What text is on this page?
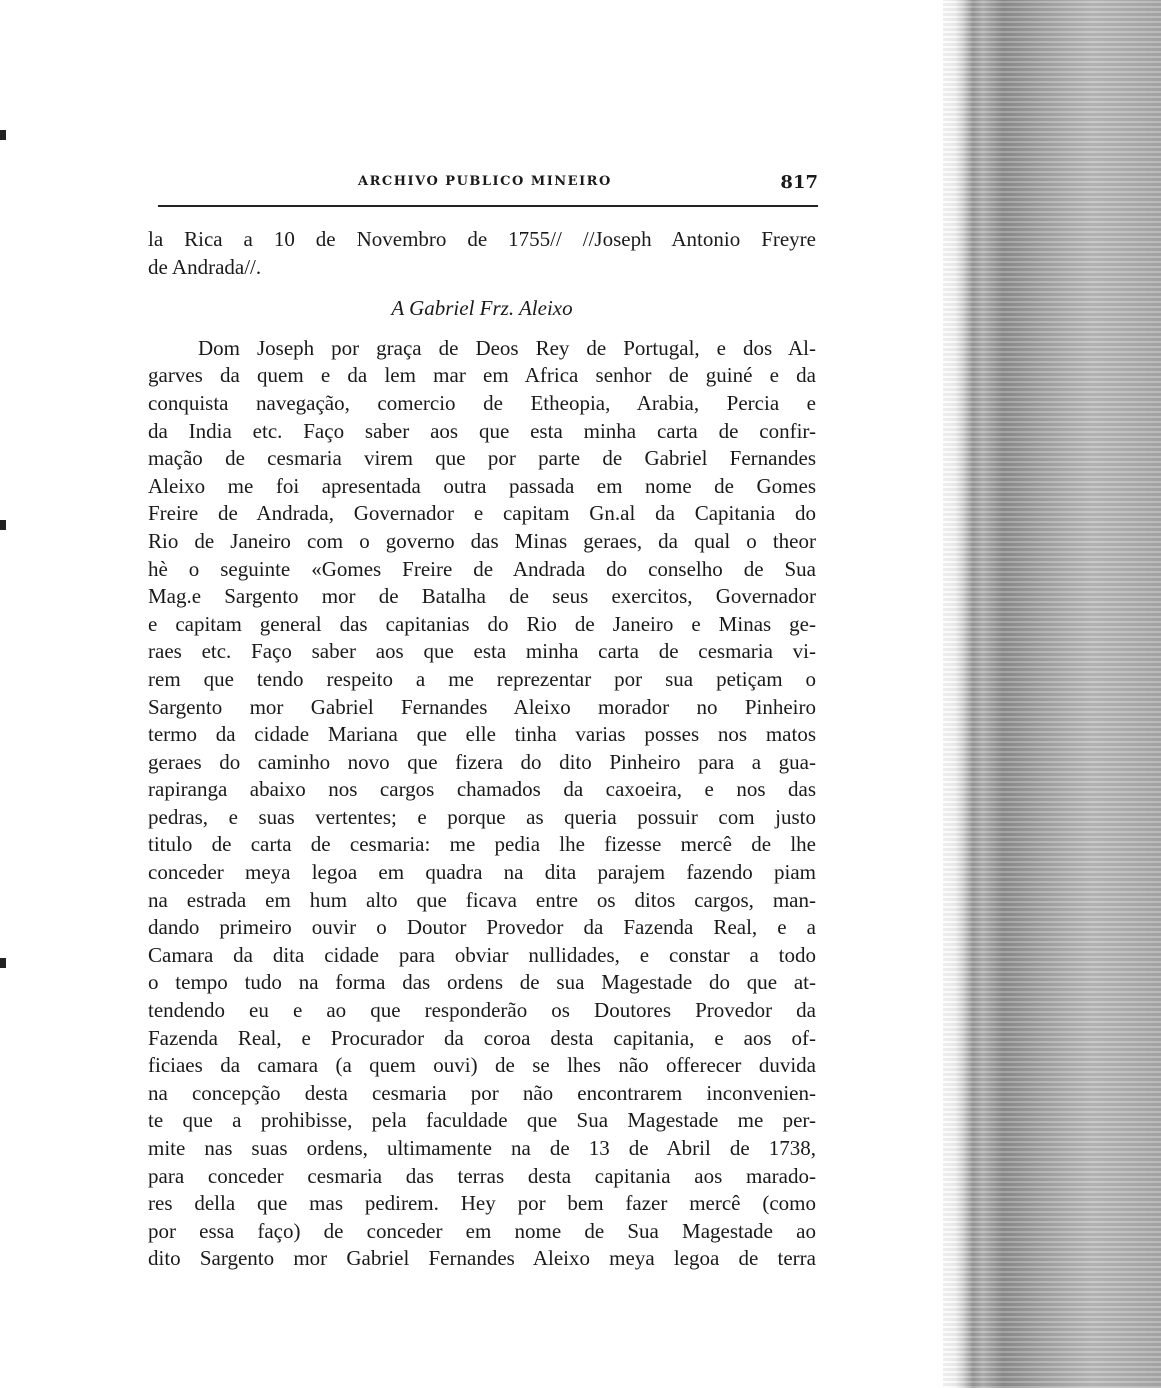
ARCHIVO PUBLICO MINEIRO	817
la Rica a 10 de Novembro de 1755// //Joseph Antonio Freyre
de Andrada//.

A Gabriel Frz. Aleixo

Dom Joseph por graça de Deos Rey de Portugal, e dos Al-
garves da quem e da lem mar em Africa senhor de guiné e da
conquista navegação, comercio de Etheopia, Arabia, Percia e
da India etc. Faço saber aos que esta minha carta de confir-
mação de cesmaria virem que por parte de Gabriel Fernandes
Aleixo me foi apresentada outra passada em nome de Gomes
Freire de Andrada, Governador e capitam Gn.al da Capitania do
Rio de Janeiro com o governo das Minas geraes, da qual o theor
hè o seguinte «Gomes Freire de Andrada do conselho de Sua
Mag.e Sargento mor de Batalha de seus exercitos, Governador
e capitam general das capitanias do Rio de Janeiro e Minas ge-
raes etc. Faço saber aos que esta minha carta de cesmaria vi-
rem que tendo respeito a me reprezentar por sua petiçam o
Sargento mor Gabriel Fernandes Aleixo morador no Pinheiro
termo da cidade Mariana que elle tinha varias posses nos matos
geraes do caminho novo que fizera do dito Pinheiro para a gua-
rapiranga abaixo nos cargos chamados da caxoeira, e nos das
pedras, e suas vertentes; e porque as queria possuir com justo
titulo de carta de cesmaria: me pedia lhe fizesse mercê de lhe
conceder meya legoa em quadra na dita parajem fazendo piam
na estrada em hum alto que ficava entre os ditos cargos, man-
dando primeiro ouvir o Doutor Provedor da Fazenda Real, e a
Camara da dita cidade para obviar nullidades, e constar a todo
o tempo tudo na forma das ordens de sua Magestade do que at-
tendendo eu e ao que responderão os Doutores Provedor da
Fazenda Real, e Procurador da coroa desta capitania, e aos of-
ficiaes da camara (a quem ouvi) de se lhes não offerecer duvida
na concepção desta cesmaria por não encontrarem inconvenien-
te que a prohibisse, pela faculdade que Sua Magestade me per-
mite nas suas ordens, ultimamente na de 13 de Abril de 1738,
para conceder cesmaria das terras desta capitania aos marado-
res della que mas pedirem. Hey por bem fazer mercê (como
por essa faço) de conceder em nome de Sua Magestade ao
dito Sargento mor Gabriel Fernandes Aleixo meya legoa de terra
